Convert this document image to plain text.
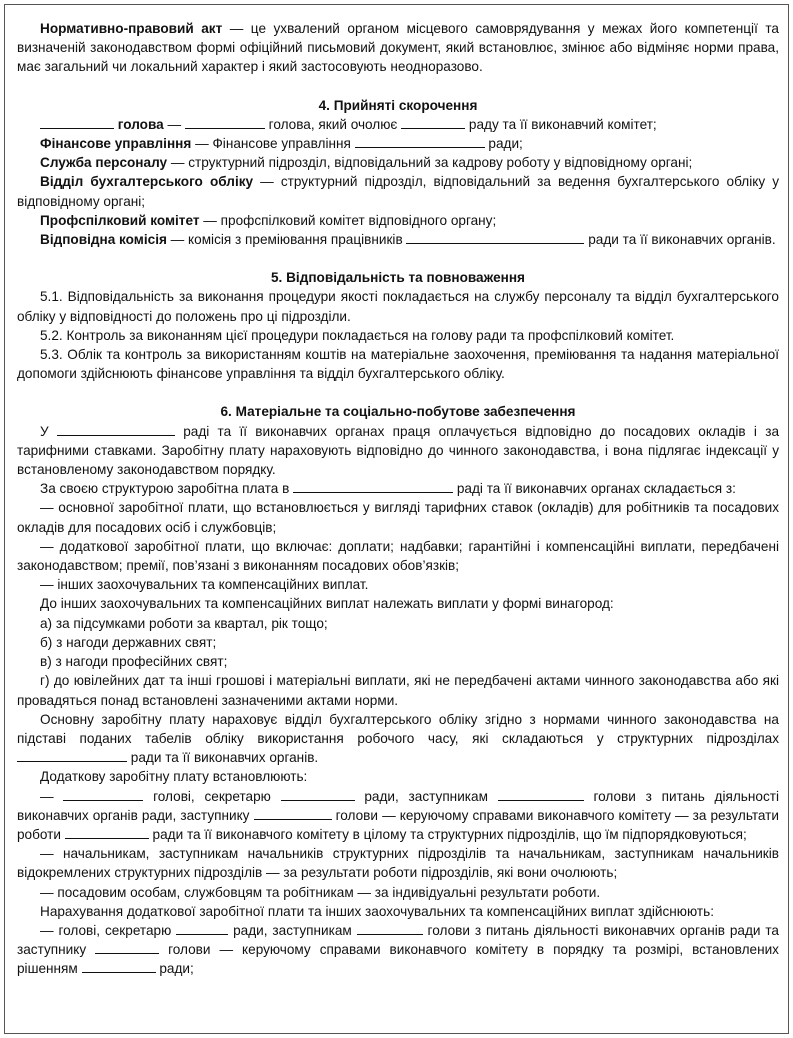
Нормативно-правовий акт — це ухвалений органом місцевого самоврядування у межах його компетенції та визначеній законодавством формі офіційний письмовий документ, який встановлює, змінює або відміняє норми права, має загальний чи локальний характер і який застосовують неодноразово.

4. Прийняті скорочення

голова —	голова, який очолює	раду та її виконавчий комітет;

Фінансове управління — Фінансове управління	ради;

Служба персоналу — структурний підрозділ, відповідальний за кадрову роботу у відповідному органі;

Відділ бухгалтерського обліку — структурний підрозділ, відповідальний за ведення бухгалтерського обліку у відповідному органі;

Профспілковий комітет — профспілковий комітет відповідного органу;

Відповідна комісія — комісія з преміювання працівників	ради та її виконавчих органів.

5. Відповідальність та повноваження

5.1. Відповідальність за виконання процедури якості покладається на службу персоналу та відділ бухгалтерського обліку у відповідності до положень про ці підрозділи.

5.2. Контроль за виконанням цієї процедури покладається на голову ради та профспілковий комітет.

5.3. Облік та контроль за використанням коштів на матеріальне заохочення, преміювання та надання матеріальної допомоги здійснюють фінансове управління та відділ бухгалтерського обліку.

6. Матеріальне та соціально-побутове забезпечення

У	раді та її виконавчих органах праця оплачується відповідно до посадових окладів і за тарифними ставками. Заробітну плату нараховують відповідно до чинного законодавства, і вона підлягає індексації у встановленому законодавством порядку.

За своєю структурою заробітна плата в	раді та її виконавчих органах складається з:

— основної заробітної плати, що встановлюється у вигляді тарифних ставок (окладів) для робітників та посадових окладів для посадових осіб і службовців;

— додаткової заробітної плати, що включає: доплати; надбавки; гарантійні і компенсаційні виплати, передбачені законодавством; премії, пов’язані з виконанням посадових обов’язків;

— інших заохочувальних та компенсаційних виплат.

До інших заохочувальних та компенсаційних виплат належать виплати у формі винагород:

а) за підсумками роботи за квартал, рік тощо;

б) з нагоди державних свят;

в) з нагоди професійних свят;

г) до ювілейних дат та інші грошові і матеріальні виплати, які не передбачені актами чинного законодавства або які провадяться понад встановлені зазначеними актами норми.

Основну заробітну плату нараховує відділ бухгалтерського обліку згідно з нормами чинного законодавства на підставі поданих табелів обліку використання робочого часу, які складаються у структурних підрозділах  ради та її виконавчих органів.

Додаткову заробітну плату встановлюють:

—	голові, секретарю	ради, заступникам	голови з питань діяльності виконавчих органів ради, заступнику	голови — керуючому справами виконавчого комітету — за результати роботи	ради та її виконавчого комітету в цілому та структурних підрозділів, що їм підпорядковуються;

— начальникам, заступникам начальників структурних підрозділів та начальникам, заступникам начальників відокремлених структурних підрозділів — за результати роботи підрозділів, які вони очолюють;

— посадовим особам, службовцям та робітникам — за індивідуальні результати роботи.

Нарахування додаткової заробітної плати та інших заохочувальних та компенсаційних виплат здійснюють:

— голові, секретарю	ради, заступникам	голови з питань діяльності виконавчих органів ради та заступнику	голови — керуючому справами виконавчого комітету в порядку та розмірі, встановлених рішенням	ради;
